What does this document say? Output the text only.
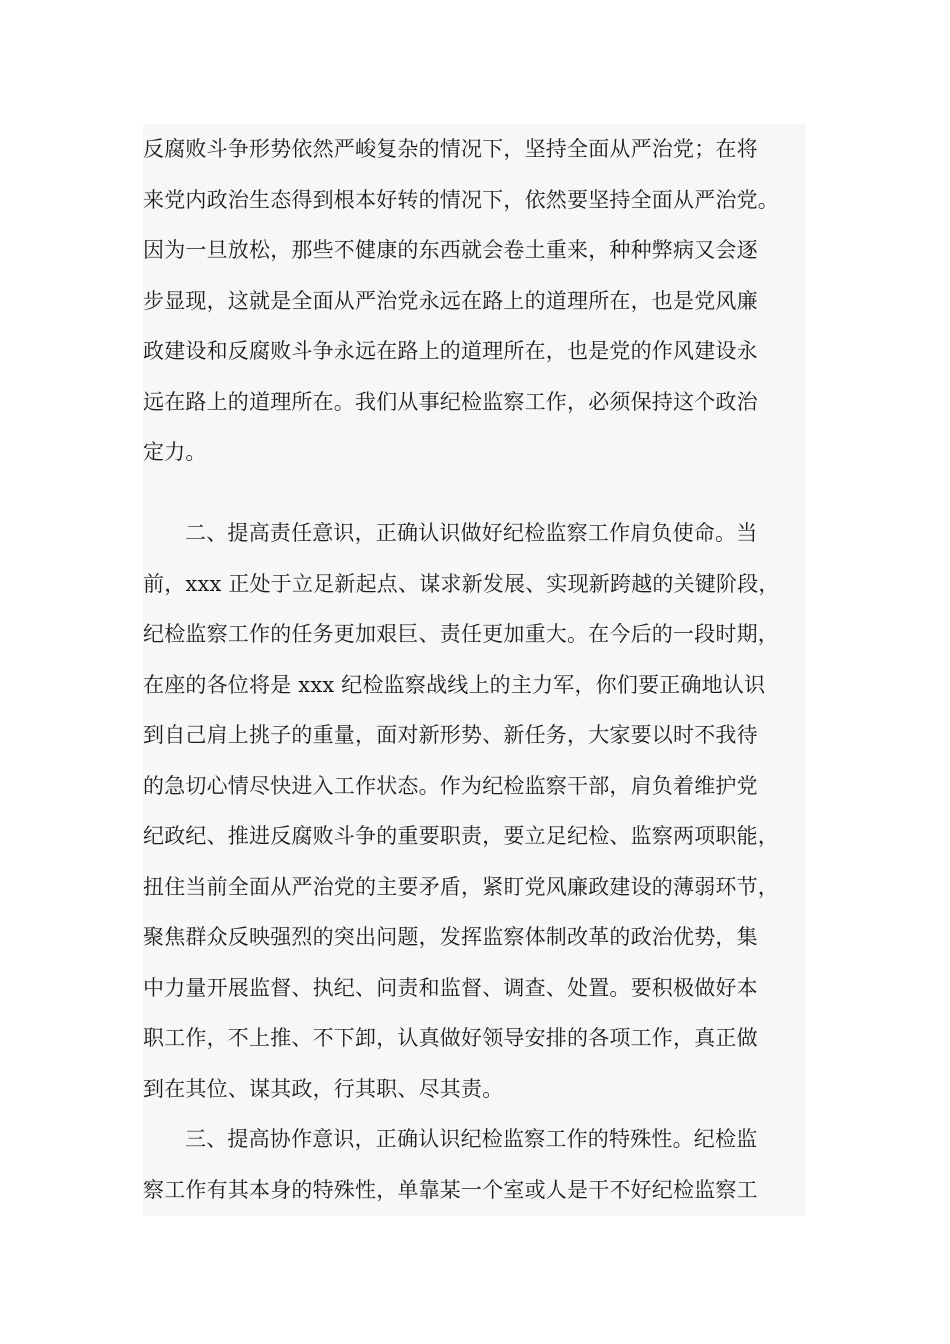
反腐败斗争形势依然严峻复杂的情况下，坚持全面从严治党；在将
来党内政治生态得到根本好转的情况下，依然要坚持全面从严治党。
因为一旦放松，那些不健康的东西就会卷土重来，种种弊病又会逐
步显现，这就是全面从严治党永远在路上的道理所在，也是党风廉
政建设和反腐败斗争永远在路上的道理所在，也是党的作风建设永
远在路上的道理所在。我们从事纪检监察工作，必须保持这个政治
定力。
二、提高责任意识，正确认识做好纪检监察工作肩负使命。当
前，xxx 正处于立足新起点、谋求新发展、实现新跨越的关键阶段，
纪检监察工作的任务更加艰巨、责任更加重大。在今后的一段时期，
在座的各位将是 xxx 纪检监察战线上的主力军，你们要正确地认识
到自己肩上挑子的重量，面对新形势、新任务，大家要以时不我待
的急切心情尽快进入工作状态。作为纪检监察干部，肩负着维护党
纪政纪、推进反腐败斗争的重要职责，要立足纪检、监察两项职能，
扭住当前全面从严治党的主要矛盾，紧盯党风廉政建设的薄弱环节，
聚焦群众反映强烈的突出问题，发挥监察体制改革的政治优势，集
中力量开展监督、执纪、问责和监督、调查、处置。要积极做好本
职工作，不上推、不下卸，认真做好领导安排的各项工作，真正做
到在其位、谋其政，行其职、尽其责。
三、提高协作意识，正确认识纪检监察工作的特殊性。纪检监
察工作有其本身的特殊性，单靠某一个室或人是干不好纪检监察工
